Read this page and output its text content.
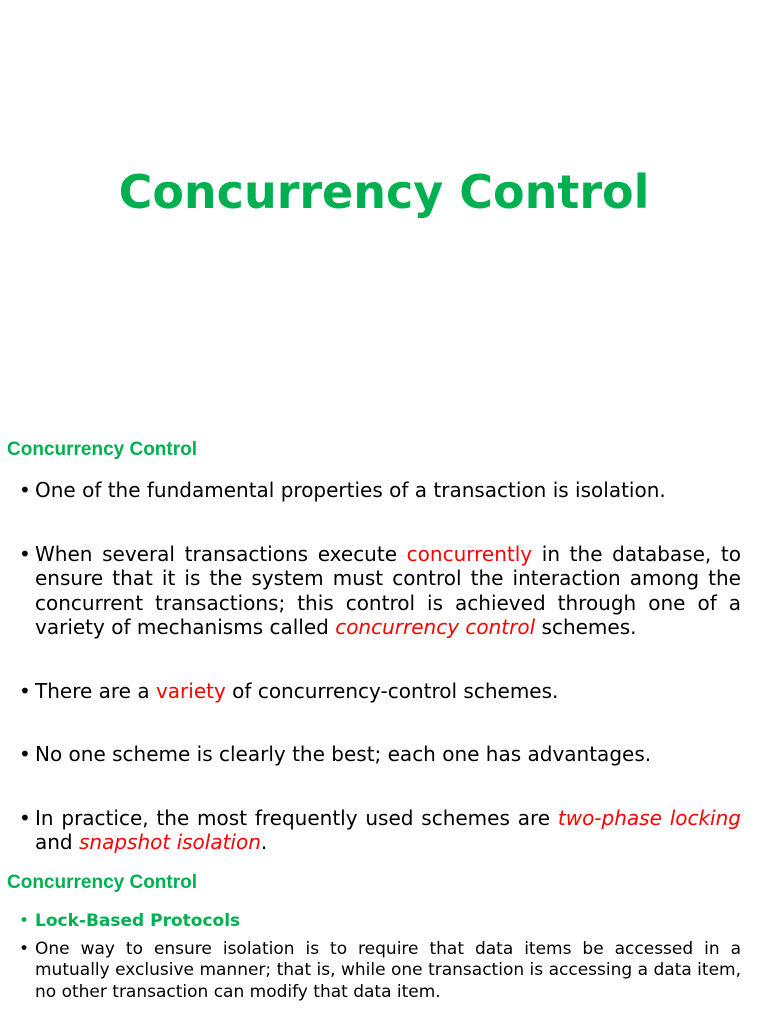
Concurrency Control
Concurrency Control
• One of the fundamental properties of a transaction is isolation.
• When several transactions execute concurrently in the database, to ensure that it is the system must control the interaction among the concurrent transactions; this control is achieved through one of a variety of mechanisms called concurrency control schemes.
• There are a variety of concurrency-control schemes.
• No one scheme is clearly the best; each one has advantages.
• In practice, the most frequently used schemes are two-phase locking and snapshot isolation.
Concurrency Control
• Lock-Based Protocols
• One way to ensure isolation is to require that data items be accessed in a mutually exclusive manner; that is, while one transaction is accessing a data item, no other transaction can modify that data item.
